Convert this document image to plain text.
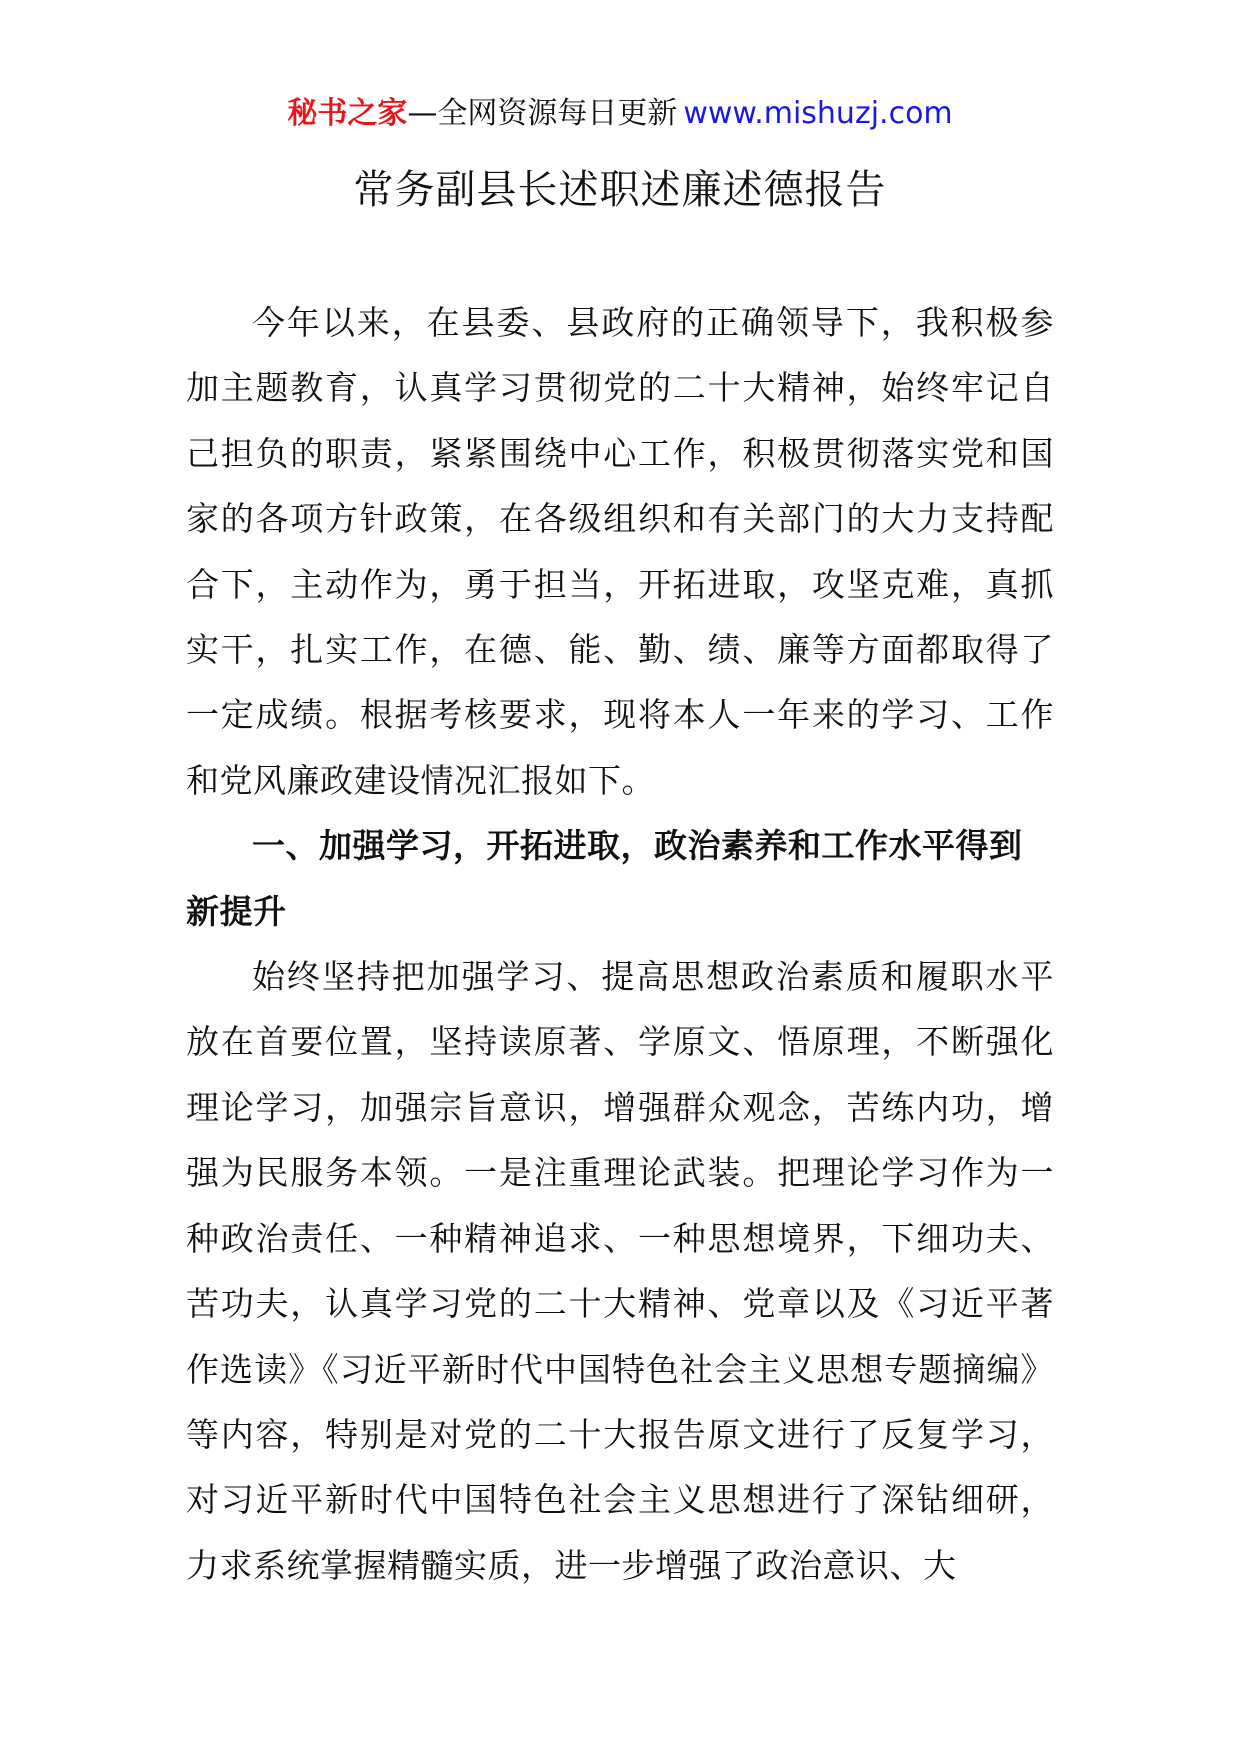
秘书之家—全网资源每日更新 www.mishuzj.com
常务副县长述职述廉述德报告

今年以来，在县委、县政府的正确领导下，我积极参加主题教育，认真学习贯彻党的二十大精神，始终牢记自己担负的职责，紧紧围绕中心工作，积极贯彻落实党和国家的各项方针政策，在各级组织和有关部门的大力支持配合下，主动作为，勇于担当，开拓进取，攻坚克难，真抓实干，扎实工作，在德、能、勤、绩、廉等方面都取得了一定成绩。根据考核要求，现将本人一年来的学习、工作和党风廉政建设情况汇报如下。

一、加强学习，开拓进取，政治素养和工作水平得到新提升

始终坚持把加强学习、提高思想政治素质和履职水平放在首要位置，坚持读原著、学原文、悟原理，不断强化理论学习，加强宗旨意识，增强群众观念，苦练内功，增强为民服务本领。一是注重理论武装。把理论学习作为一种政治责任、一种精神追求、一种思想境界，下细功夫、苦功夫，认真学习党的二十大精神、党章以及《习近平著作选读》《习近平新时代中国特色社会主义思想专题摘编》等内容，特别是对党的二十大报告原文进行了反复学习，对习近平新时代中国特色社会主义思想进行了深钻细研，力求系统掌握精髓实质，进一步增强了政治意识、大
